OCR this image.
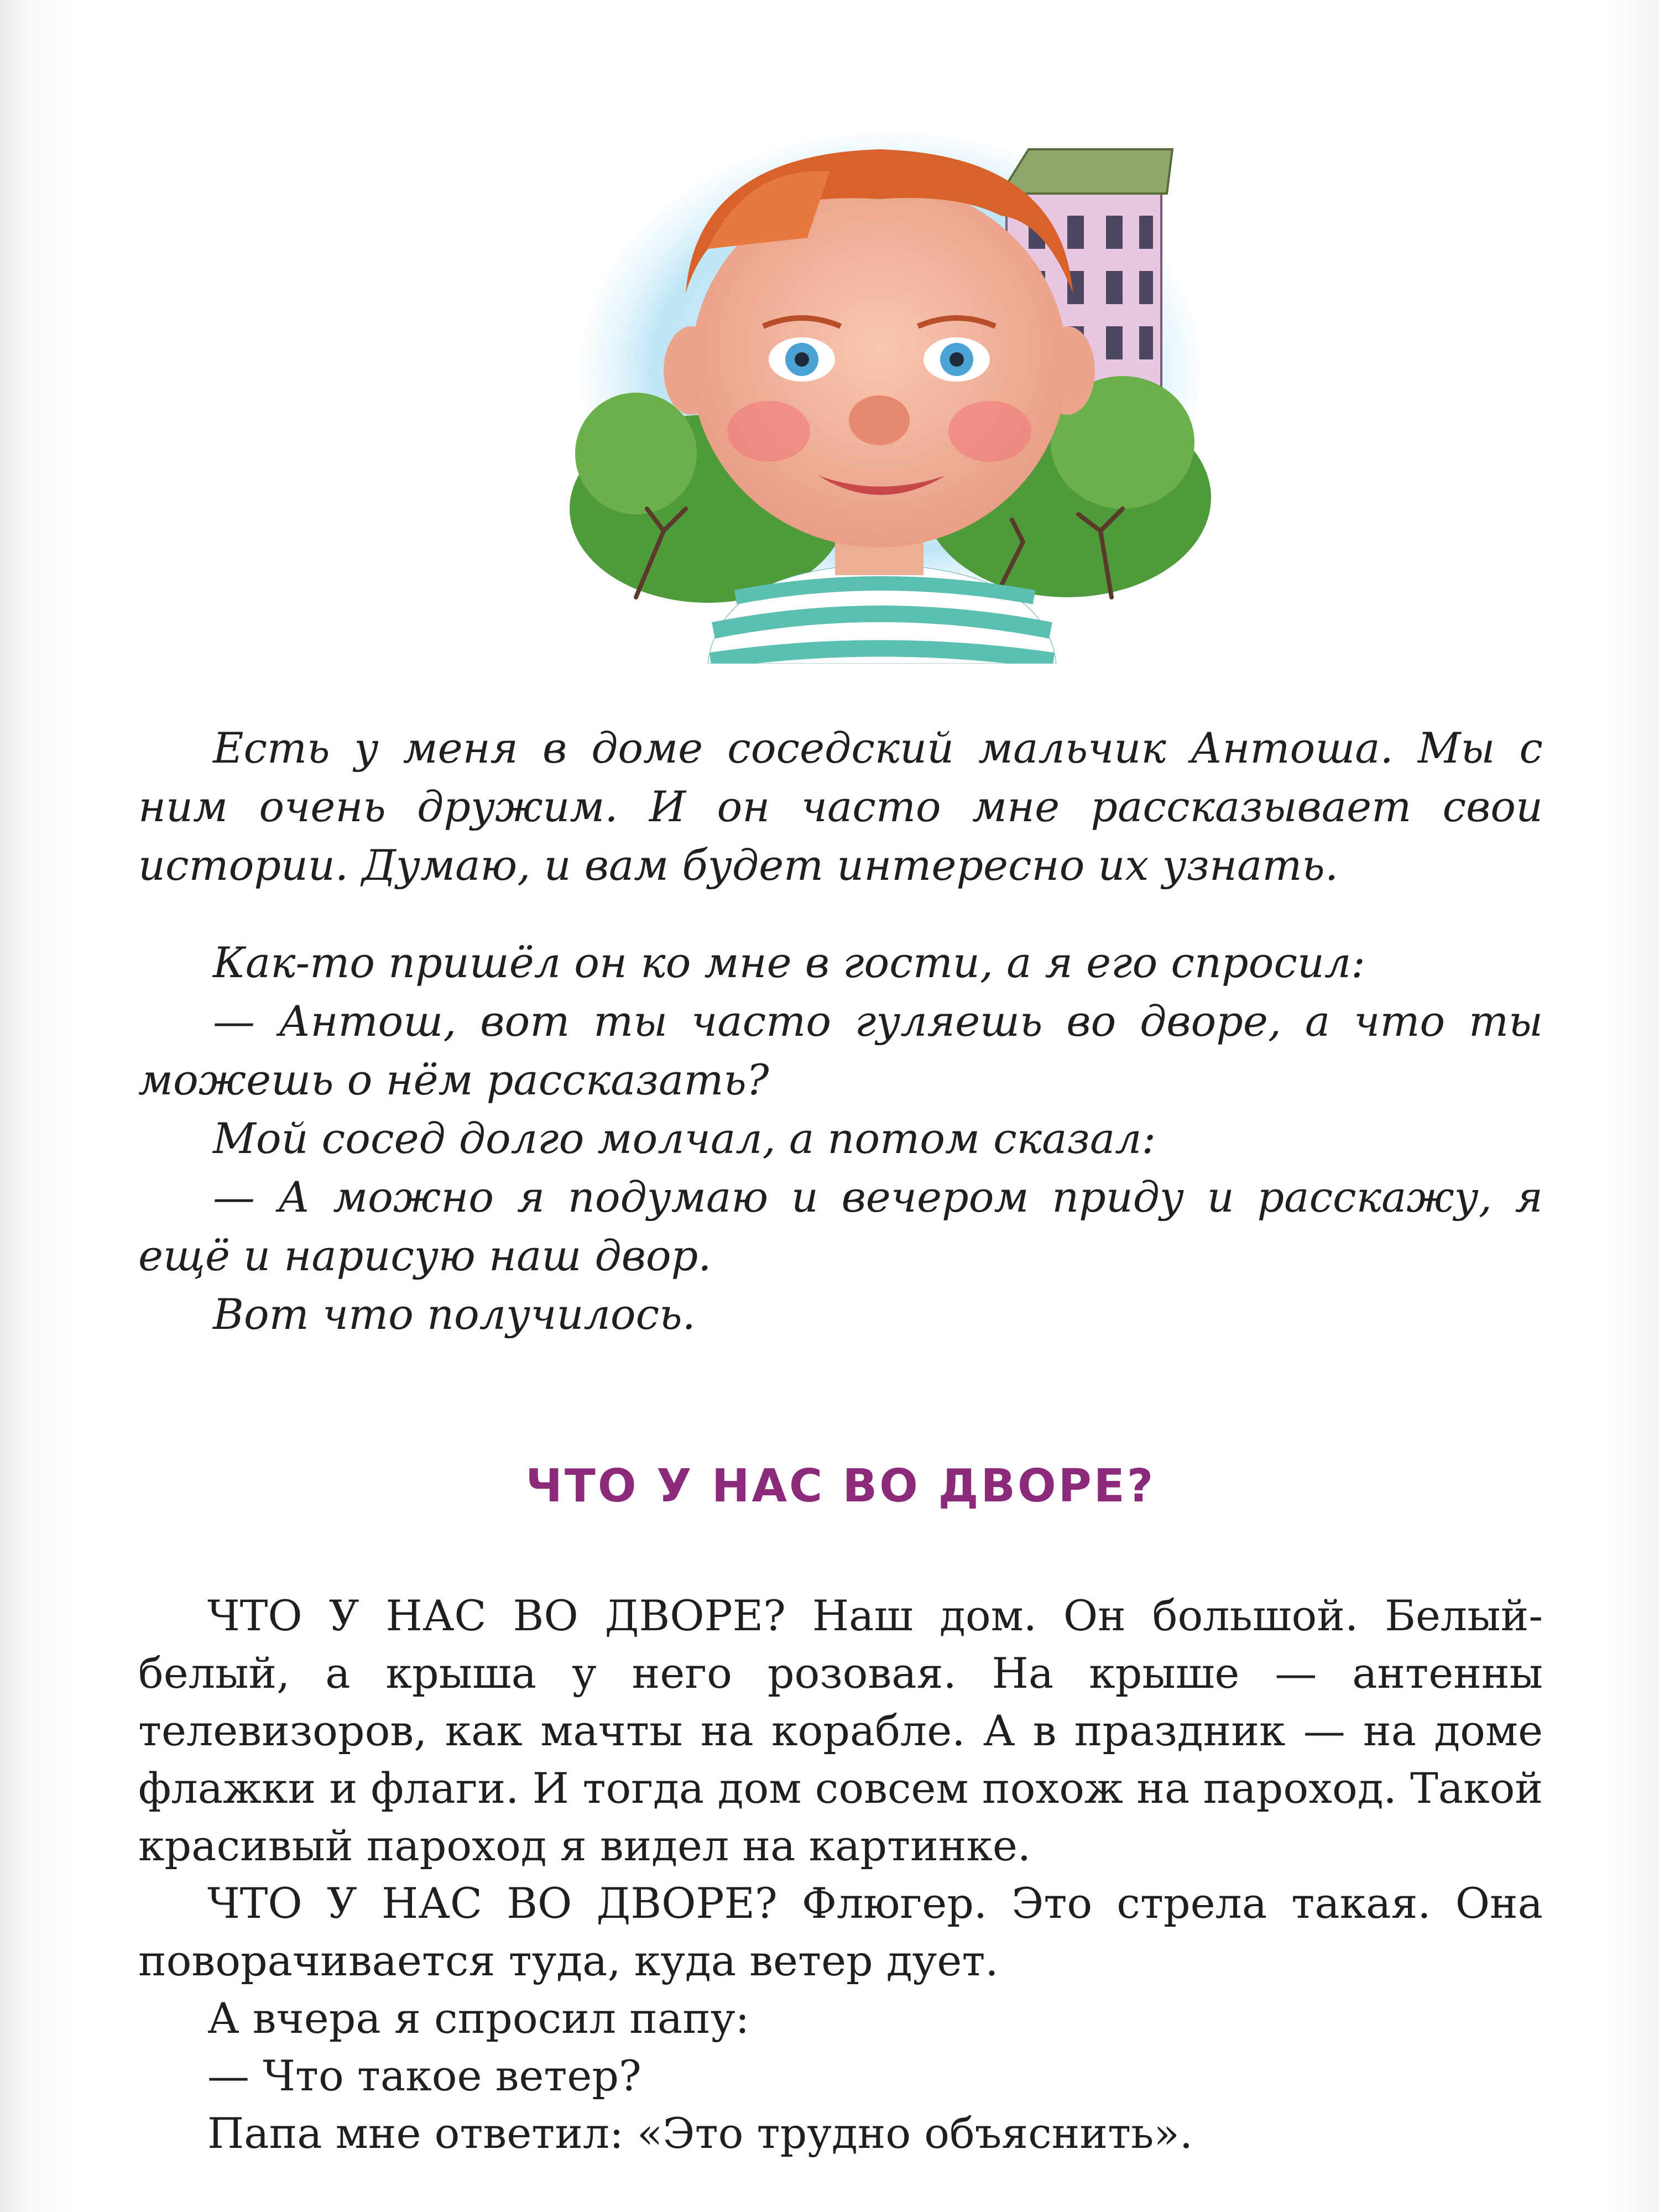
Есть у меня в доме соседский мальчик Антоша. Мы с ним очень дружим. И он часто мне рассказывает свои истории. Думаю, и вам будет интересно их узнать.

Как-то пришёл он ко мне в гости, а я его спросил:

— Антош, вот ты часто гуляешь во дворе, а что ты можешь о нём рассказать?

Мой сосед долго молчал, а потом сказал:

— А можно я подумаю и вечером приду и расскажу, я ещё и нарисую наш двор.

Вот что получилось.

ЧТО У НАС ВО ДВОРЕ?

ЧТО У НАС ВО ДВОРЕ? Наш дом. Он большой. Белый-белый, а крыша у него розовая. На крыше — антенны телевизоров, как мачты на корабле. А в праздник — на доме флажки и флаги. И тогда дом совсем похож на пароход. Такой красивый пароход я видел на картинке.

ЧТО У НАС ВО ДВОРЕ? Флюгер. Это стрела такая. Она поворачивается туда, куда ветер дует.

А вчера я спросил папу:

— Что такое ветер?

Папа мне ответил: «Это трудно объяснить».
